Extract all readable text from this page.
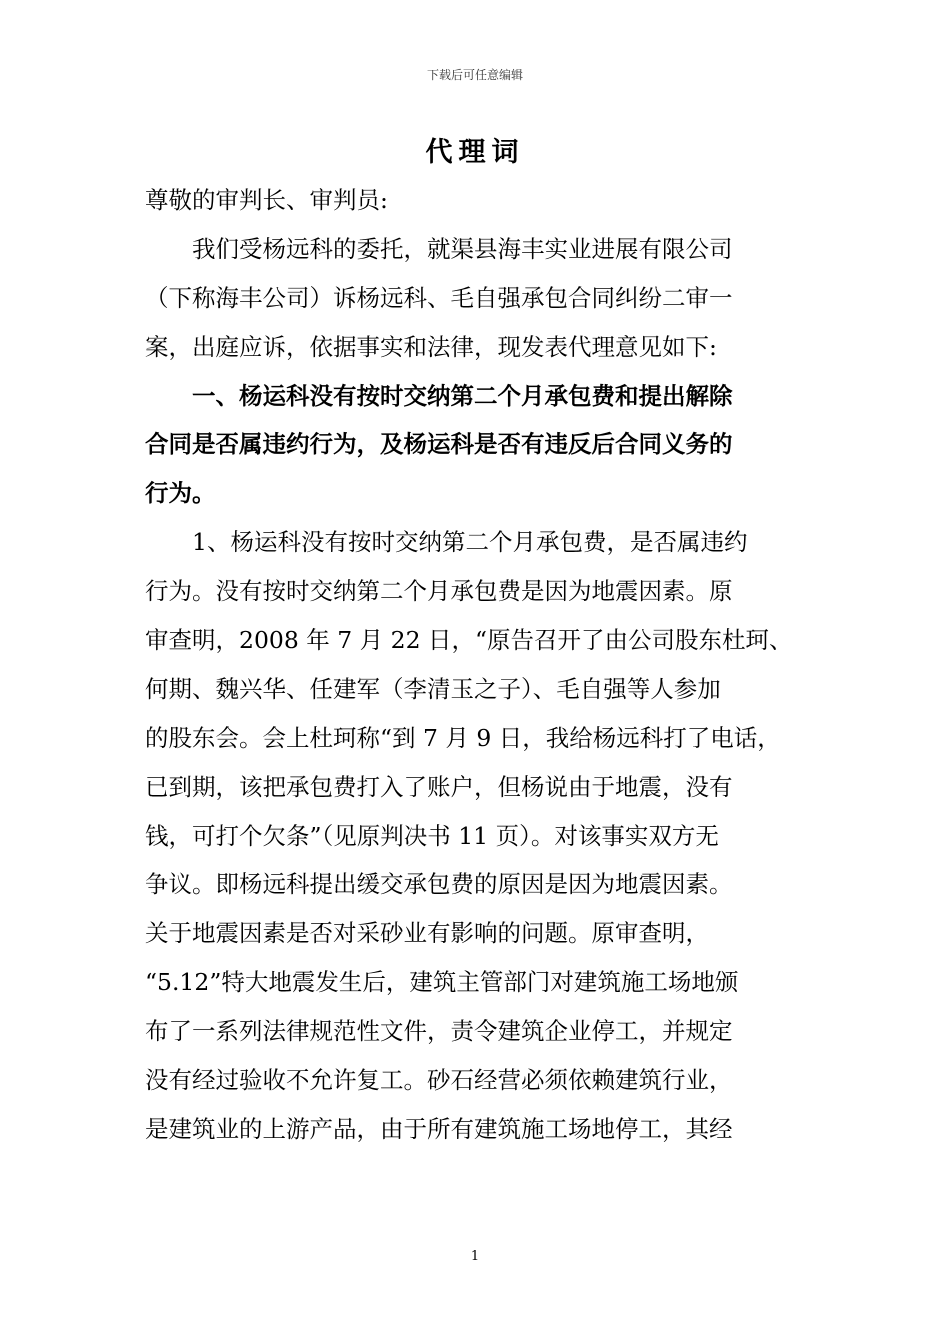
下载后可任意编辑
代理词
尊敬的审判长、审判员:
　　我们受杨远科的委托，就渠县海丰实业进展有限公司
（下称海丰公司）诉杨远科、毛自强承包合同纠纷二审一
案，出庭应诉，依据事实和法律，现发表代理意见如下:
　　一、杨运科没有按时交纳第二个月承包费和提出解除
合同是否属违约行为，及杨运科是否有违反后合同义务的
行为。
　　1、杨运科没有按时交纳第二个月承包费，是否属违约
行为。没有按时交纳第二个月承包费是因为地震因素。原
审查明，2008 年 7 月 22 日，“原告召开了由公司股东杜珂、
何期、魏兴华、任建军（李清玉之子）、毛自强等人参加
的股东会。会上杜珂称“到 7 月 9 日，我给杨远科打了电话，
已到期，该把承包费打入了账户，但杨说由于地震，没有
钱，可打个欠条”（见原判决书 11 页）。对该事实双方无
争议。即杨远科提出缓交承包费的原因是因为地震因素。
关于地震因素是否对采砂业有影响的问题。原审查明，
“5.12”特大地震发生后，建筑主管部门对建筑施工场地颁
布了一系列法律规范性文件，责令建筑企业停工，并规定
没有经过验收不允许复工。砂石经营必须依赖建筑行业，
是建筑业的上游产品，由于所有建筑施工场地停工，其经
1
